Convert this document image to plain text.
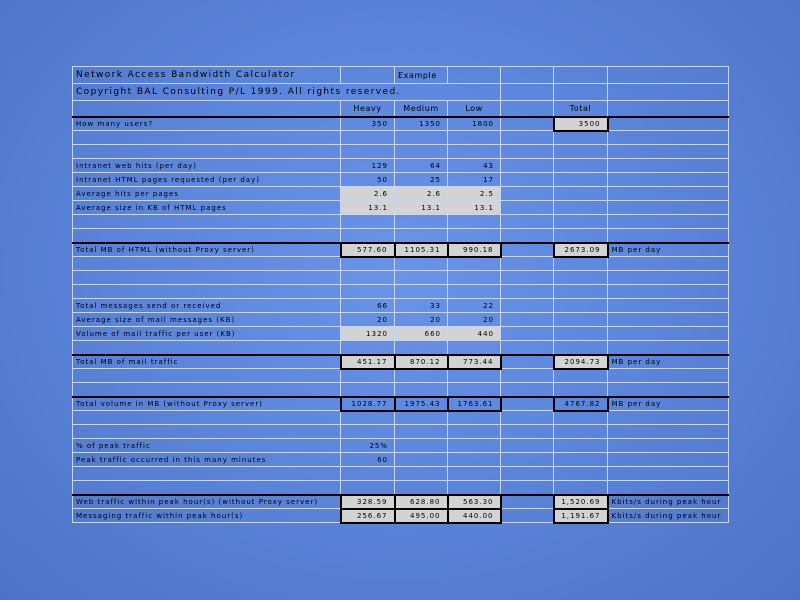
Network Access Bandwidth Calculator		Example				
Copyright BAL Consulting P/L 1999. All rights reserved.						
	Heavy	Medium	Low		Total	
How many users?	350	1350	1800		3500	

Intranet web hits (per day)	129	64	43			
Intranet HTML pages requested (per day)	50	25	17			
Average hits per pages	2.6	2.6	2.5			
Average size in KB of HTML pages	13.1	13.1	13.1			

Total MB of HTML (without Proxy server)	577.60	1105.31	990.18		2673.09	MB per day

Total messages send or received	66	33	22			
Average size of mail messages (KB)	20	20	20			
Volume of mail traffic per user (KB)	1320	660	440			

Total MB of mail traffic	451.17	870.12	773.44		2094.73	MB per day

Total volume in MB (without Proxy server)	1028.77	1975.43	1763.61		4767.82	MB per day

% of peak traffic	25%					
Peak traffic occurred in this many minutes	60					

Web traffic within peak hour(s) (without Proxy server)	328.59	628.80	563.30		1,520.69	Kbits/s during peak hour
Messaging traffic within peak hour(s)	256.67	495.00	440.00		1,191.67	Kbits/s during peak hour
